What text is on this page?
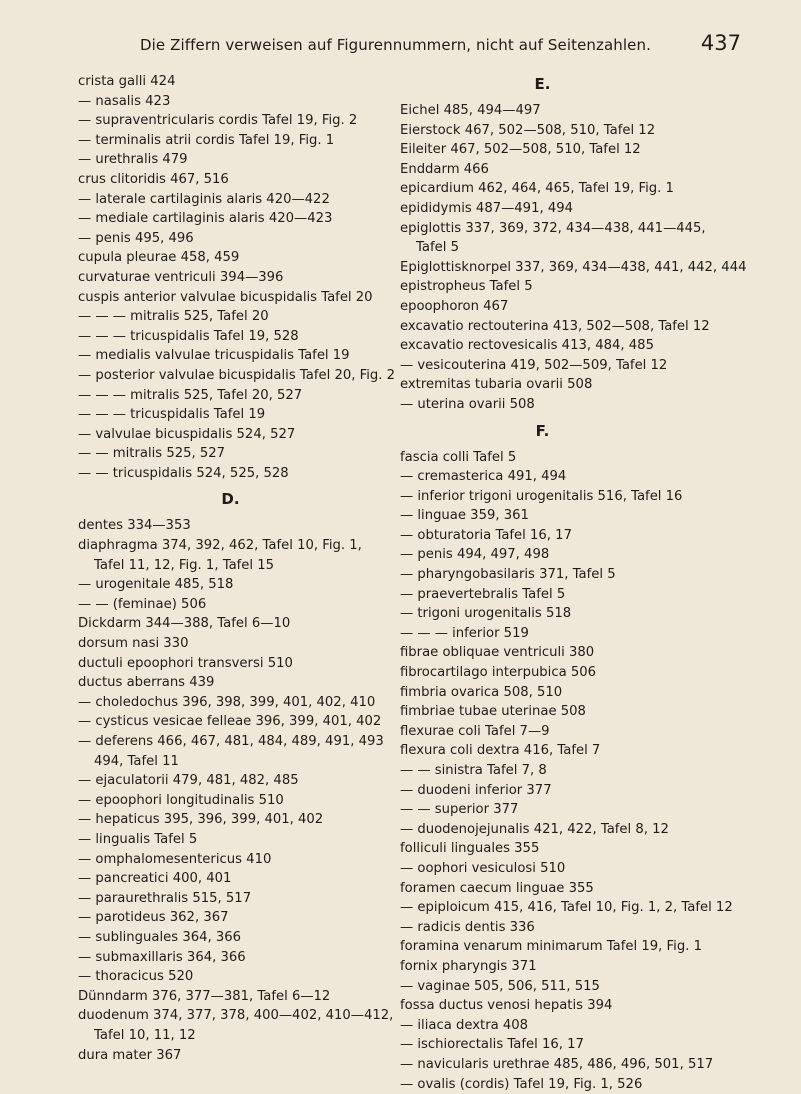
Die Ziffern verweisen auf Figurennummern, nicht auf Seitenzahlen. 437
crista galli 424
— nasalis 423
— supraventricularis cordis Tafel 19, Fig. 2
— terminalis atrii cordis Tafel 19, Fig. 1
— urethralis 479
crus clitoridis 467, 516
— laterale cartilaginis alaris 420—422
— mediale cartilaginis alaris 420—423
— penis 495, 496
cupula pleurae 458, 459
curvaturae ventriculi 394—396
cuspis anterior valvulae bicuspidalis Tafel 20
— — — mitralis 525, Tafel 20
— — — tricuspidalis Tafel 19, 528
— medialis valvulae tricuspidalis Tafel 19
— posterior valvulae bicuspidalis Tafel 20, Fig. 2
— — — mitralis 525, Tafel 20, 527
— — — tricuspidalis Tafel 19
— valvulae bicuspidalis 524, 527
— — mitralis 525, 527
— — tricuspidalis 524, 525, 528
D.
dentes 334—353
diaphragma 374, 392, 462, Tafel 10, Fig. 1,
Tafel 11, 12, Fig. 1, Tafel 15
— urogenitale 485, 518
— — (feminae) 506
Dickdarm 344—388, Tafel 6—10
dorsum nasi 330
ductuli epoophori transversi 510
ductus aberrans 439
— choledochus 396, 398, 399, 401, 402, 410
— cysticus vesicae felleae 396, 399, 401, 402
— deferens 466, 467, 481, 484, 489, 491, 493
494, Tafel 11
— ejaculatorii 479, 481, 482, 485
— epoophori longitudinalis 510
— hepaticus 395, 396, 399, 401, 402
— lingualis Tafel 5
— omphalomesentericus 410
— pancreatici 400, 401
— paraurethralis 515, 517
— parotideus 362, 367
— sublinguales 364, 366
— submaxillaris 364, 366
— thoracicus 520
Dünndarm 376, 377—381, Tafel 6—12
duodenum 374, 377, 378, 400—402, 410—412,
Tafel 10, 11, 12
dura mater 367
E.
Eichel 485, 494—497
Eierstock 467, 502—508, 510, Tafel 12
Eileiter 467, 502—508, 510, Tafel 12
Enddarm 466
epicardium 462, 464, 465, Tafel 19, Fig. 1
epididymis 487—491, 494
epiglottis 337, 369, 372, 434—438, 441—445,
Tafel 5
Epiglottisknorpel 337, 369, 434—438, 441, 442, 444
epistropheus Tafel 5
epoophoron 467
excavatio rectouterina 413, 502—508, Tafel 12
excavatio rectovesicalis 413, 484, 485
— vesicouterina 419, 502—509, Tafel 12
extremitas tubaria ovarii 508
— uterina ovarii 508
F.
fascia colli Tafel 5
— cremasterica 491, 494
— inferior trigoni urogenitalis 516, Tafel 16
— linguae 359, 361
— obturatoria Tafel 16, 17
— penis 494, 497, 498
— pharyngobasilaris 371, Tafel 5
— praevertebralis Tafel 5
— trigoni urogenitalis 518
— — — inferior 519
fibrae obliquae ventriculi 380
fibrocartilago interpubica 506
fimbria ovarica 508, 510
fimbriae tubae uterinae 508
flexurae coli Tafel 7—9
flexura coli dextra 416, Tafel 7
— — sinistra Tafel 7, 8
— duodeni inferior 377
— — superior 377
— duodenojejunalis 421, 422, Tafel 8, 12
folliculi linguales 355
— oophori vesiculosi 510
foramen caecum linguae 355
— epiploicum 415, 416, Tafel 10, Fig. 1, 2, Tafel 12
— radicis dentis 336
foramina venarum minimarum Tafel 19, Fig. 1
fornix pharyngis 371
— vaginae 505, 506, 511, 515
fossa ductus venosi hepatis 394
— iliaca dextra 408
— ischiorectalis Tafel 16, 17
— navicularis urethrae 485, 486, 496, 501, 517
— ovalis (cordis) Tafel 19, Fig. 1, 526
